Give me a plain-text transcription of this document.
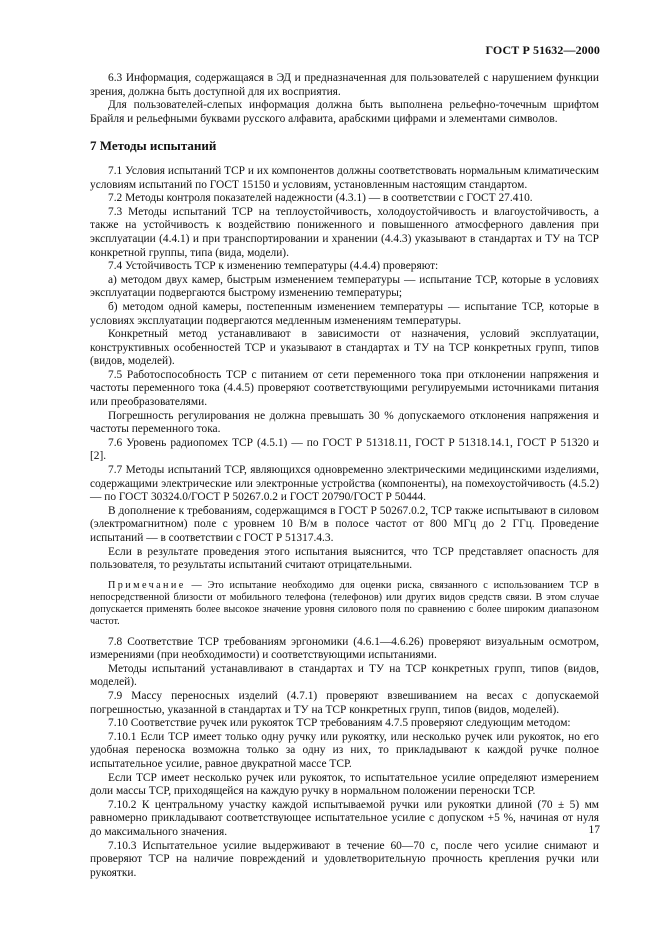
ГОСТ Р 51632—2000

6.3 Информация, содержащаяся в ЭД и предназначенная для пользователей с нарушением функции зрения, должна быть доступной для их восприятия.

Для пользователей-слепых информация должна быть выполнена рельефно-точечным шрифтом Брайля и рельефными буквами русского алфавита, арабскими цифрами и элементами символов.

7 Методы испытаний

7.1 Условия испытаний ТСР и их компонентов должны соответствовать нормальным климатическим условиям испытаний по ГОСТ 15150 и условиям, установленным настоящим стандартом.

7.2 Методы контроля показателей надежности (4.3.1) — в соответствии с ГОСТ 27.410.

7.3 Методы испытаний ТСР на теплоустойчивость, холодоустойчивость и влагоустойчивость, а также на устойчивость к воздействию пониженного и повышенного атмосферного давления при эксплуатации (4.4.1) и при транспортировании и хранении (4.4.3) указывают в стандартах и ТУ на ТСР конкретной группы, типа (вида, модели).

7.4 Устойчивость ТСР к изменению температуры (4.4.4) проверяют:

а) методом двух камер, быстрым изменением температуры — испытание ТСР, которые в условиях эксплуатации подвергаются быстрому изменению температуры;

б) методом одной камеры, постепенным изменением температуры — испытание ТСР, которые в условиях эксплуатации подвергаются медленным изменениям температуры.

Конкретный метод устанавливают в зависимости от назначения, условий эксплуатации, конструктивных особенностей ТСР и указывают в стандартах и ТУ на ТСР конкретных групп, типов (видов, моделей).

7.5 Работоспособность ТСР с питанием от сети переменного тока при отклонении напряжения и частоты переменного тока (4.4.5) проверяют соответствующими регулируемыми источниками питания или преобразователями.

Погрешность регулирования не должна превышать 30 % допускаемого отклонения напряжения и частоты переменного тока.

7.6 Уровень радиопомех ТСР (4.5.1) — по ГОСТ Р 51318.11, ГОСТ Р 51318.14.1, ГОСТ Р 51320 и [2].

7.7 Методы испытаний ТСР, являющихся одновременно электрическими медицинскими изделиями, содержащими электрические или электронные устройства (компоненты), на помехоустойчивость (4.5.2) — по ГОСТ 30324.0/ГОСТ Р 50267.0.2 и ГОСТ 20790/ГОСТ Р 50444.

В дополнение к требованиям, содержащимся в ГОСТ Р 50267.0.2, ТСР также испытывают в силовом (электромагнитном) поле с уровнем 10 В/м в полосе частот от 800 МГц до 2 ГГц. Проведение испытаний — в соответствии с ГОСТ Р 51317.4.3.

Если в результате проведения этого испытания выяснится, что ТСР представляет опасность для пользователя, то результаты испытаний считают отрицательными.

Примечание — Это испытание необходимо для оценки риска, связанного с использованием ТСР в непосредственной близости от мобильного телефона (телефонов) или других видов средств связи. В этом случае допускается применять более высокое значение уровня силового поля по сравнению с более широким диапазоном частот.

7.8 Соответствие ТСР требованиям эргономики (4.6.1—4.6.26) проверяют визуальным осмотром, измерениями (при необходимости) и соответствующими испытаниями.

Методы испытаний устанавливают в стандартах и ТУ на ТСР конкретных групп, типов (видов, моделей).

7.9 Массу переносных изделий (4.7.1) проверяют взвешиванием на весах с допускаемой погрешностью, указанной в стандартах и ТУ на ТСР конкретных групп, типов (видов, моделей).

7.10 Соответствие ручек или рукояток ТСР требованиям 4.7.5 проверяют следующим методом:

7.10.1 Если ТСР имеет только одну ручку или рукоятку, или несколько ручек или рукояток, но его удобная переноска возможна только за одну из них, то прикладывают к каждой ручке полное испытательное усилие, равное двукратной массе ТСР.

Если ТСР имеет несколько ручек или рукояток, то испытательное усилие определяют измерением доли массы ТСР, приходящейся на каждую ручку в нормальном положении переноски ТСР.

7.10.2 К центральному участку каждой испытываемой ручки или рукоятки длиной (70 ± 5) мм равномерно прикладывают соответствующее испытательное усилие с допуском +5 %, начиная от нуля до максимального значения.

7.10.3 Испытательное усилие выдерживают в течение 60—70 с, после чего усилие снимают и проверяют ТСР на наличие повреждений и удовлетворительную прочность крепления ручки или рукоятки.

17
